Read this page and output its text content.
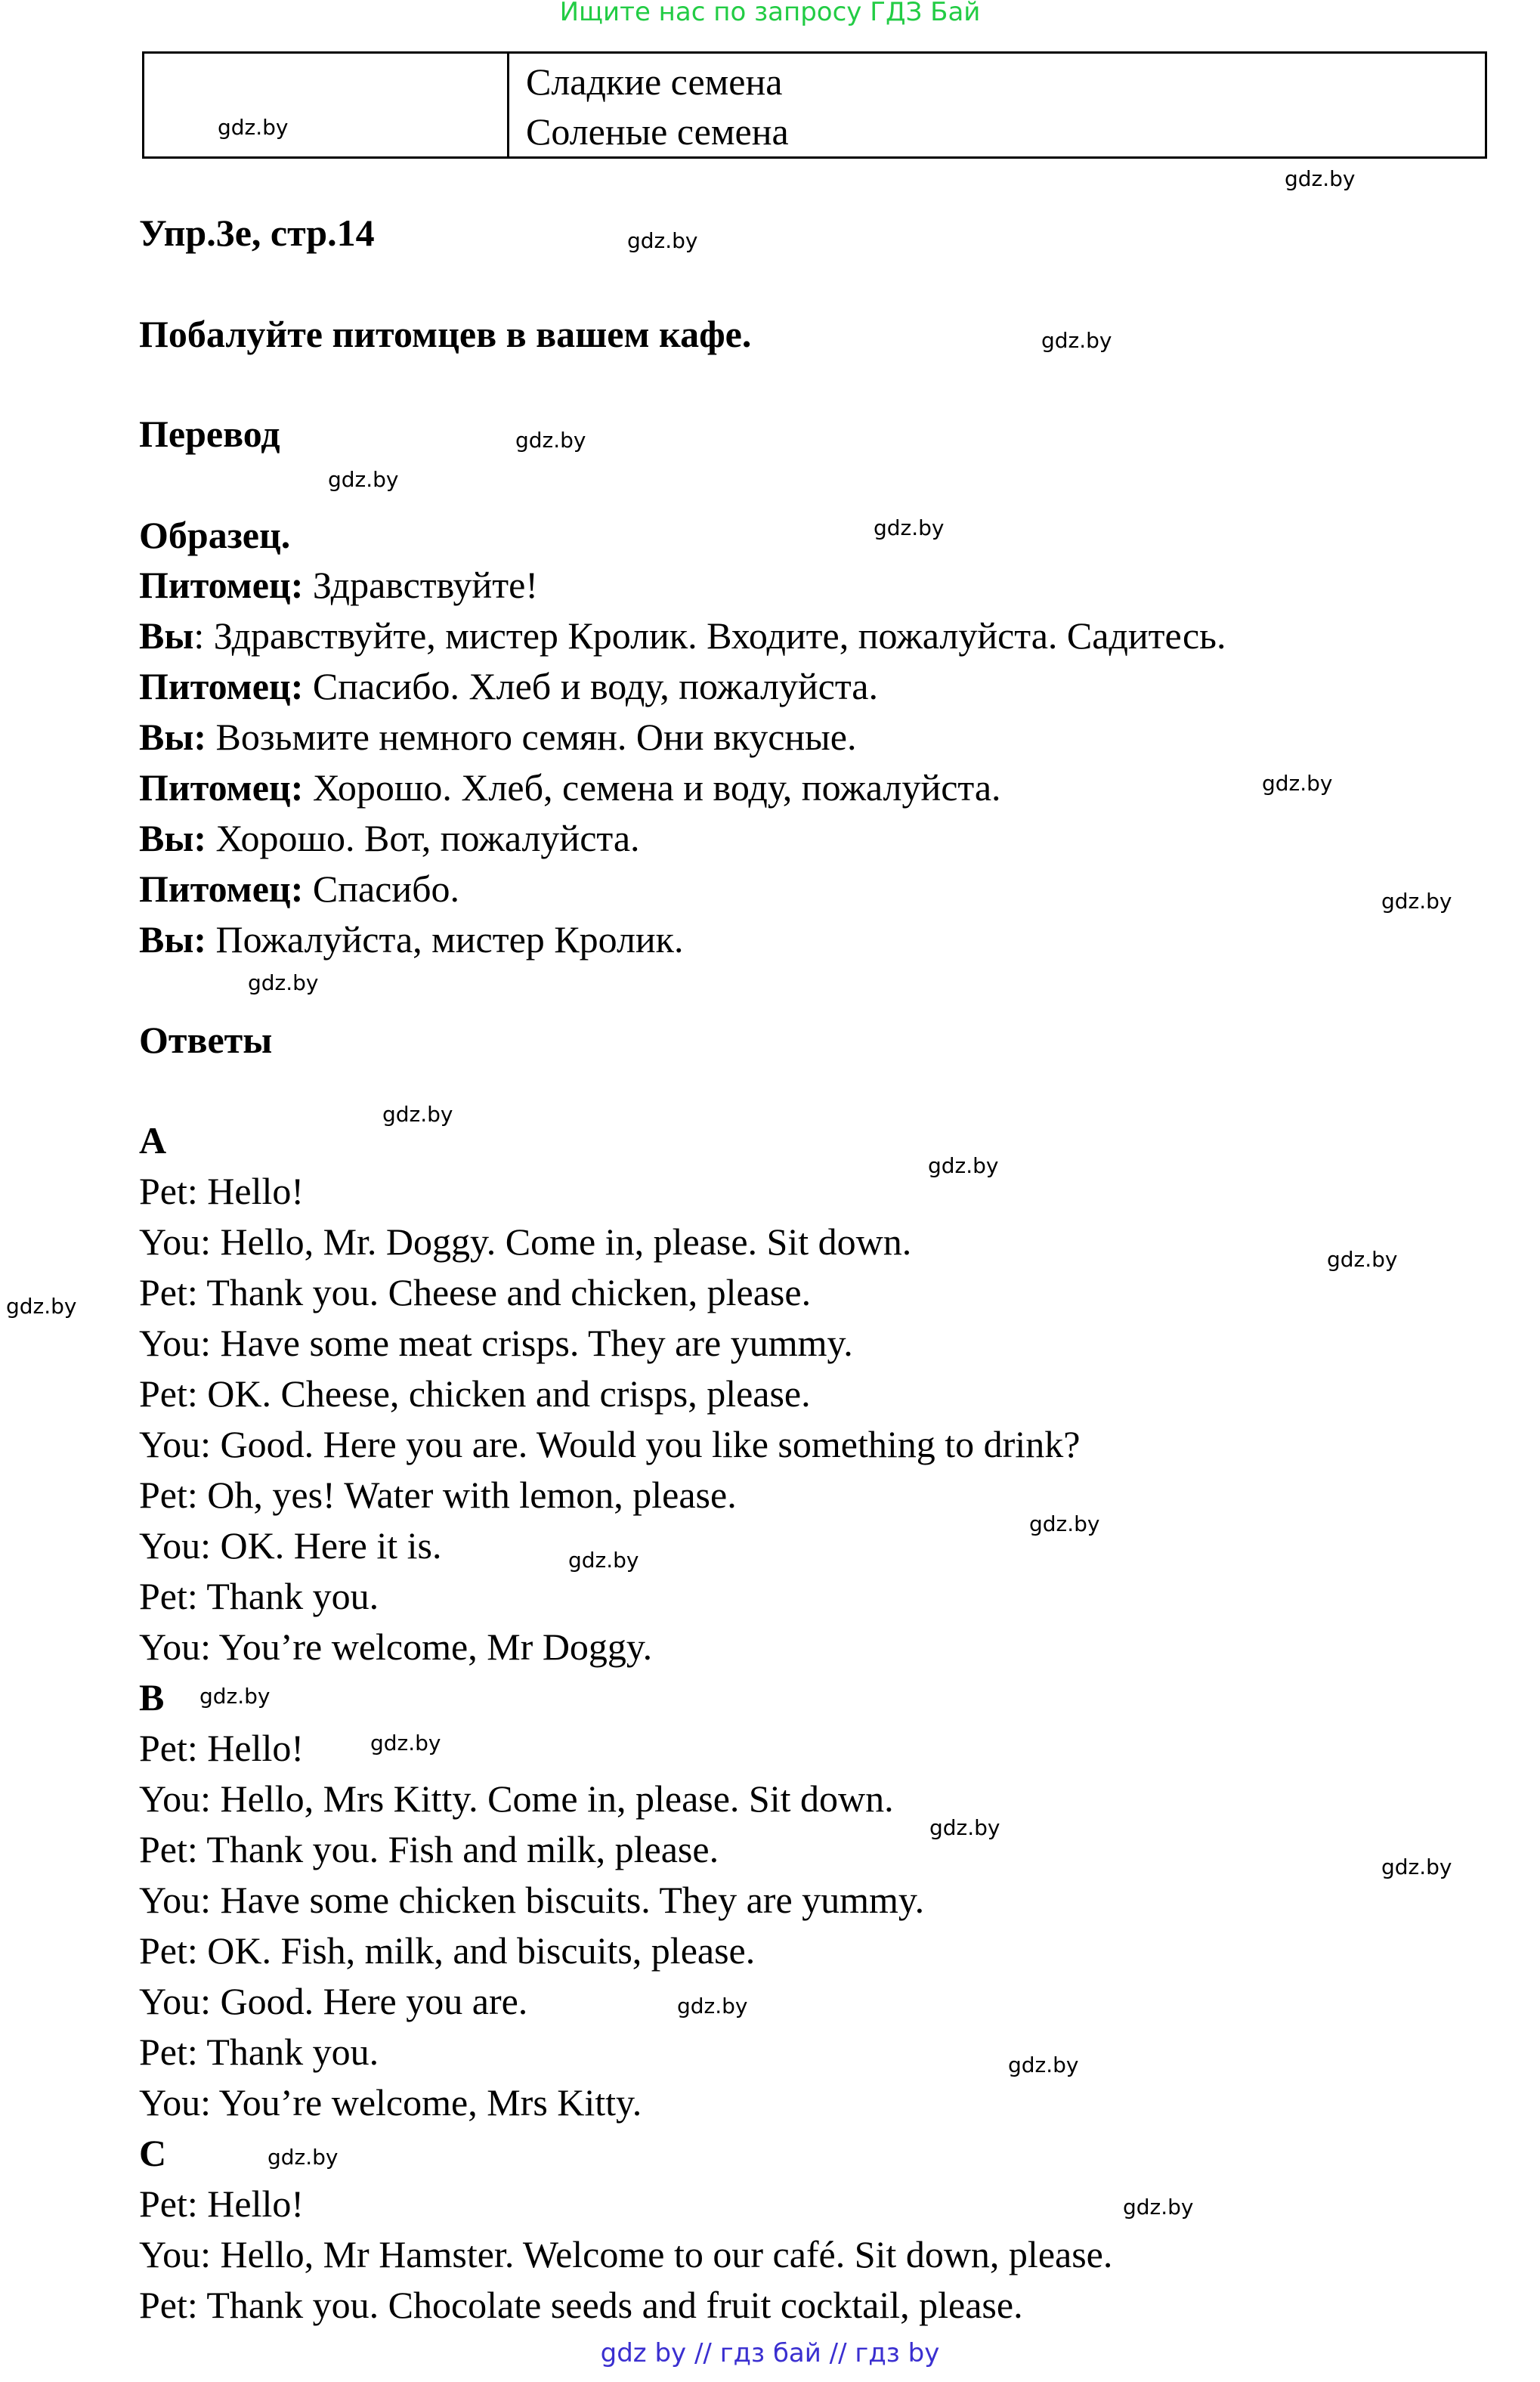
Ищите нас по запросу ГДЗ Бай

Сладкие семена
Соленые семена
Упр.3е, стр.14
Побалуйте питомцев в вашем кафе.
Перевод
Образец.
Питомец: Здравствуйте!
Вы: Здравствуйте, мистер Кролик. Входите, пожалуйста. Садитесь.
Питомец: Спасибо. Хлеб и воду, пожалуйста.
Вы: Возьмите немного семян. Они вкусные.
Питомец: Хорошо. Хлеб, семена и воду, пожалуйста.
Вы: Хорошо. Вот, пожалуйста.
Питомец: Спасибо.
Вы: Пожалуйста, мистер Кролик.
Ответы
A
Pet: Hello!
You: Hello, Mr. Doggy. Come in, please. Sit down.
Pet: Thank you. Cheese and chicken, please.
You: Have some meat crisps. They are yummy.
Pet: OK. Cheese, chicken and crisps, please.
You: Good. Here you are. Would you like something to drink?
Pet: Oh, yes! Water with lemon, please.
You: OK. Here it is.
Pet: Thank you.
You: You’re welcome, Mr Doggy.
B
Pet: Hello!
You: Hello, Mrs Kitty. Come in, please. Sit down.
Pet: Thank you. Fish and milk, please.
You: Have some chicken biscuits. They are yummy.
Pet: OK. Fish, milk, and biscuits, please.
You: Good. Here you are.
Pet: Thank you.
You: You’re welcome, Mrs Kitty.
C
Pet: Hello!
You: Hello, Mr Hamster. Welcome to our café. Sit down, please.
Pet: Thank you. Chocolate seeds and fruit cocktail, please.
gdz.by
gdz.by
gdz.by
gdz.by
gdz.by
gdz.by
gdz.by
gdz.by
gdz.by
gdz.by
gdz.by
gdz.by
gdz.by
gdz.by
gdz.by
gdz.by
gdz.by
gdz.by
gdz.by
gdz.by
gdz.by
gdz.by
gdz.by
gdz.by
gdz by // гдз бай // гдз by
